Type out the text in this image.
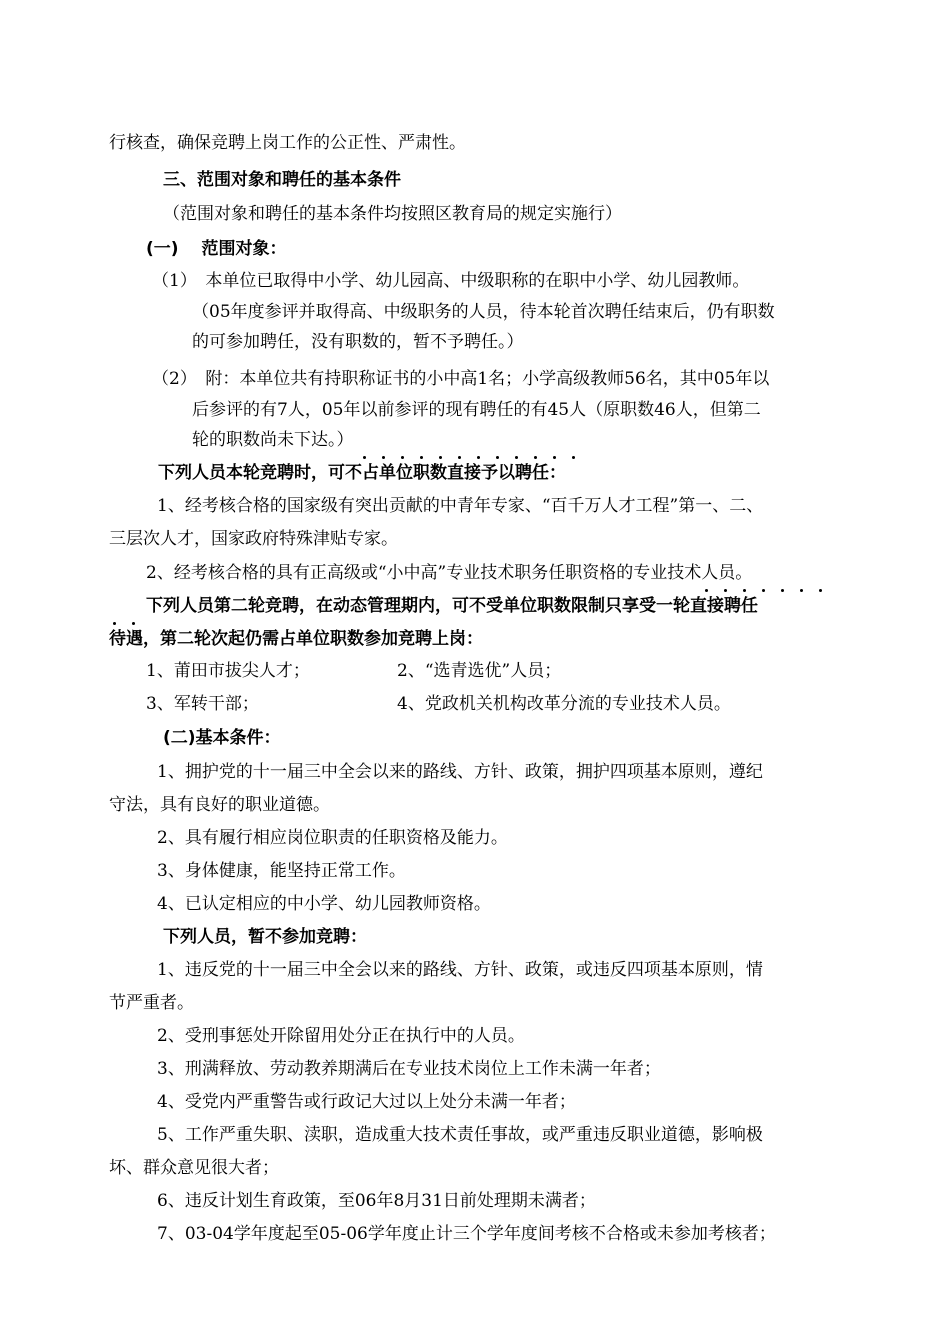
行核查，确保竞聘上岗工作的公正性、严肃性。
三、范围对象和聘任的基本条件
（范围对象和聘任的基本条件均按照区教育局的规定实施行）
(一)　 范围对象：
（1）　本单位已取得中小学、幼儿园高、中级职称的在职中小学、幼儿园教师。
（05年度参评并取得高、中级职务的人员，待本轮首次聘任结束后，仍有职数
的可参加聘任，没有职数的，暂不予聘任。）
（2）　附：本单位共有持职称证书的小中高1名；小学高级教师56名，其中05年以
后参评的有7人，05年以前参评的现有聘任的有45人（原职数46人，但第二
轮的职数尚未下达。）
下列人员本轮竞聘时，可不占单位职数直接予以聘任：
1、经考核合格的国家级有突出贡献的中青年专家、“百千万人才工程”第一、二、
三层次人才，国家政府特殊津贴专家。
2、经考核合格的具有正高级或“小中高”专业技术职务任职资格的专业技术人员。
下列人员第二轮竞聘，在动态管理期内，可不受单位职数限制只享受一轮直接聘任
待遇，第二轮次起仍需占单位职数参加竞聘上岗：
1、莆田市拔尖人才；	2、“选青选优”人员；
3、军转干部；	4、党政机关机构改革分流的专业技术人员。
(二)基本条件：
1、拥护党的十一届三中全会以来的路线、方针、政策，拥护四项基本原则，遵纪
守法，具有良好的职业道德。
2、具有履行相应岗位职责的任职资格及能力。
3、身体健康，能坚持正常工作。
4、已认定相应的中小学、幼儿园教师资格。
下列人员，暂不参加竞聘：
1、违反党的十一届三中全会以来的路线、方针、政策，或违反四项基本原则，情
节严重者。
2、受刑事惩处开除留用处分正在执行中的人员。
3、刑满释放、劳动教养期满后在专业技术岗位上工作未满一年者；
4、受党内严重警告或行政记大过以上处分未满一年者；
5、工作严重失职、渎职，造成重大技术责任事故，或严重违反职业道德，影响极
坏、群众意见很大者；
6、违反计划生育政策，至06年8月31日前处理期未满者；
7、03-04学年度起至05-06学年度止计三个学年度间考核不合格或未参加考核者；
